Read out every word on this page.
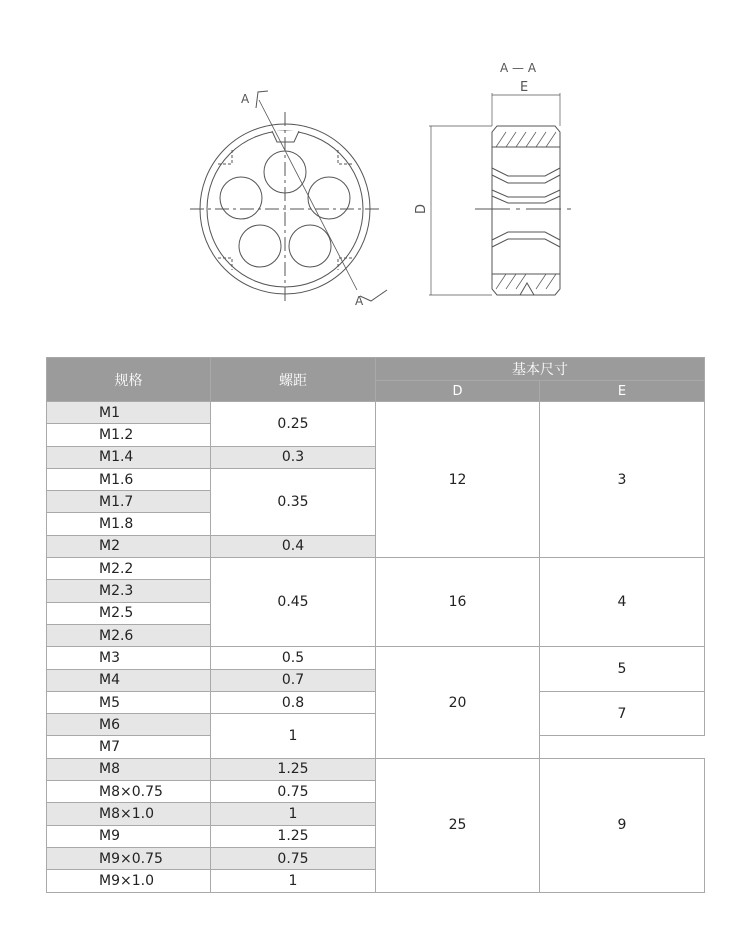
A
A
A — A
E
D
规格	螺距	基本尺寸	
		D	E
M1	0.25	12	3
M1.2			
M1.4	0.3		
M1.6	0.35		
M1.7			
M1.8			
M2	0.4		
M2.2	0.45	16	4
M2.3			
M2.5			
M2.6			
M3	0.5	20	5
M4	0.7		
M5	0.8		7
M6	1		
M7			
M8	1.25	25	9
M8×0.75	0.75		
M8×1.0	1		
M9	1.25		
M9×0.75	0.75		
M9×1.0	1		
